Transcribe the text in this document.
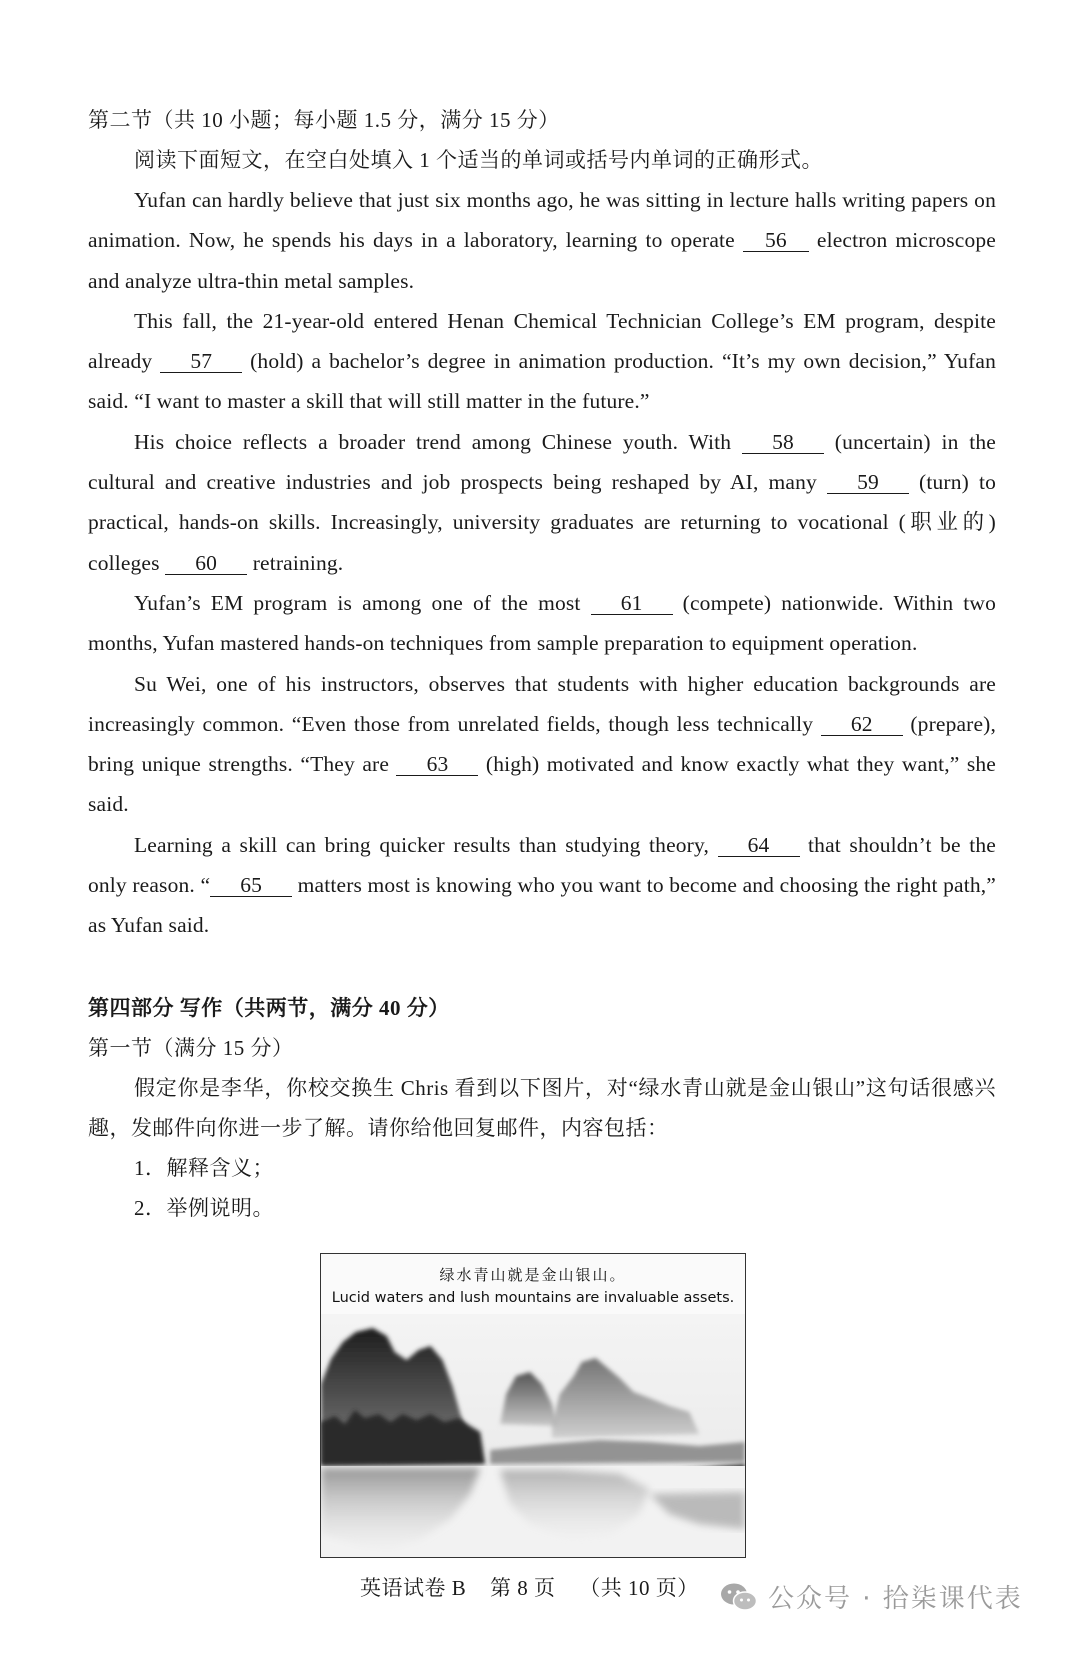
第二节（共 10 小题；每小题 1.5 分，满分 15 分）
阅读下面短文，在空白处填入 1 个适当的单词或括号内单词的正确形式。

Yufan can hardly believe that just six months ago, he was sitting in lecture halls writing papers on animation. Now, he spends his days in a laboratory, learning to operate 56 electron microscope and analyze ultra-thin metal samples.

This fall, the 21-year-old entered Henan Chemical Technician College’s EM program, despite already 57 (hold) a bachelor’s degree in animation production. “It’s my own decision,” Yufan said. “I want to master a skill that will still matter in the future.”

His choice reflects a broader trend among Chinese youth. With 58 (uncertain) in the cultural and creative industries and job prospects being reshaped by AI, many 59 (turn) to practical, hands-on skills. Increasingly, university graduates are returning to vocational (职业的) colleges 60 retraining.

Yufan’s EM program is among one of the most 61 (compete) nationwide. Within two months, Yufan mastered hands-on techniques from sample preparation to equipment operation.

Su Wei, one of his instructors, observes that students with higher education backgrounds are increasingly common. “Even those from unrelated fields, though less technically 62 (prepare), bring unique strengths. “They are 63 (high) motivated and know exactly what they want,” she said.

Learning a skill can bring quicker results than studying theory, 64 that shouldn’t be the only reason. “ 65 matters most is knowing who you want to become and choosing the right path,” as Yufan said.

第四部分 写作（共两节，满分 40 分）
第一节（满分 15 分）
假定你是李华，你校交换生 Chris 看到以下图片，对“绿水青山就是金山银山”这句话很感兴趣，发邮件向你进一步了解。请你给他回复邮件，内容包括：
1．解释含义；
2．举例说明。
绿水青山就是金山银山。
Lucid waters and lush mountains are invaluable assets.
英语试卷 B 第 8 页 （共 10 页）	公众号 · 拾柒课代表
